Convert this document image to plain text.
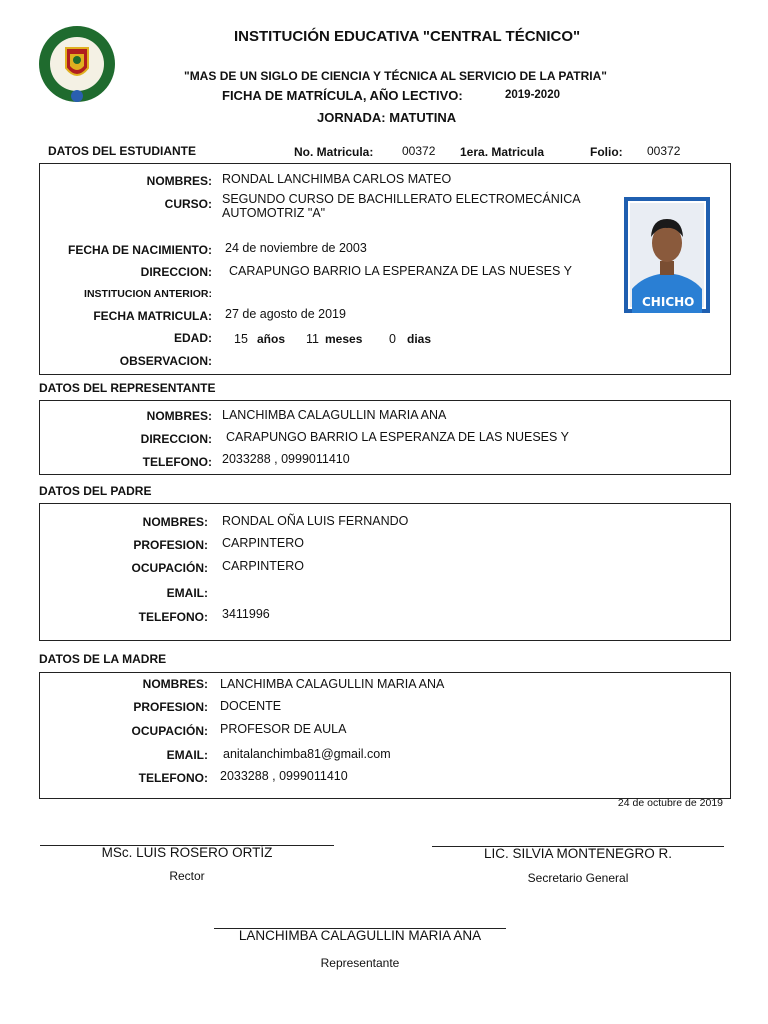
INSTITUCIÓN EDUCATIVA "CENTRAL TÉCNICO"
"MAS DE UN SIGLO DE CIENCIA Y TÉCNICA AL SERVICIO DE LA PATRIA"
FICHA DE MATRÍCULA, AÑO LECTIVO:	2019-2020
JORNADA: MATUTINA
DATOS DEL ESTUDIANTE	No. Matricula: 00372 1era. Matricula	Folio: 00372
NOMBRES: RONDAL LANCHIMBA CARLOS MATEO
CURSO: SEGUNDO CURSO DE BACHILLERATO ELECTROMECÁNICA
AUTOMOTRIZ "A"
FECHA DE NACIMIENTO: 24 de noviembre de 2003
DIRECCION: CARAPUNGO BARRIO LA ESPERANZA DE LAS NUESES Y
INSTITUCION ANTERIOR:
FECHA MATRICULA: 27 de agosto de 2019
EDAD: 15 años 11 meses 0 dias
OBSERVACION:
CHICHO
DATOS DEL REPRESENTANTE
NOMBRES: LANCHIMBA CALAGULLIN MARIA ANA
DIRECCION: CARAPUNGO BARRIO LA ESPERANZA DE LAS NUESES Y
TELEFONO: 2033288 , 0999011410
DATOS DEL PADRE
NOMBRES: RONDAL OÑA LUIS FERNANDO
PROFESION: CARPINTERO
OCUPACIÓN: CARPINTERO
EMAIL:
TELEFONO: 3411996
DATOS DE LA MADRE
NOMBRES: LANCHIMBA CALAGULLIN MARIA ANA
PROFESION: DOCENTE
OCUPACIÓN: PROFESOR DE AULA
EMAIL: anitalanchimba81@gmail.com
TELEFONO: 2033288 , 0999011410
24 de octubre de 2019
MSc. LUIS ROSERO ORTÍZ
Rector
LIC. SILVIA MONTENEGRO R.
Secretario General
LANCHIMBA CALAGULLIN MARIA ANA
Representante
